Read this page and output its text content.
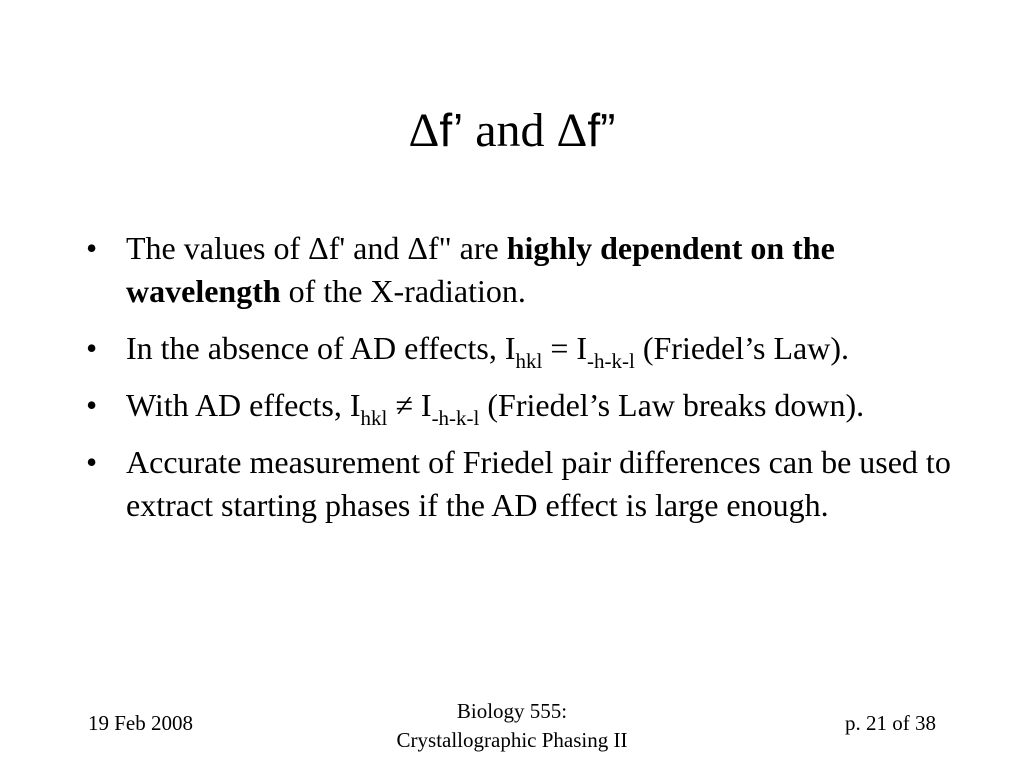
Δf’ and Δf”
• The values of Δf' and Δf" are highly dependent on the wavelength of the X-radiation.
• In the absence of AD effects, $I_{hkl} = I_{-h-k-l}$ (Friedel’s Law).
• With AD effects, $I_{hkl} \ne I_{-h-k-l}$ (Friedel’s Law breaks down).
• Accurate measurement of Friedel pair differences can be used to extract starting phases if the AD effect is large enough.
19 Feb 2008	Biology 555:
Crystallographic Phasing II
p. 21 of 38
